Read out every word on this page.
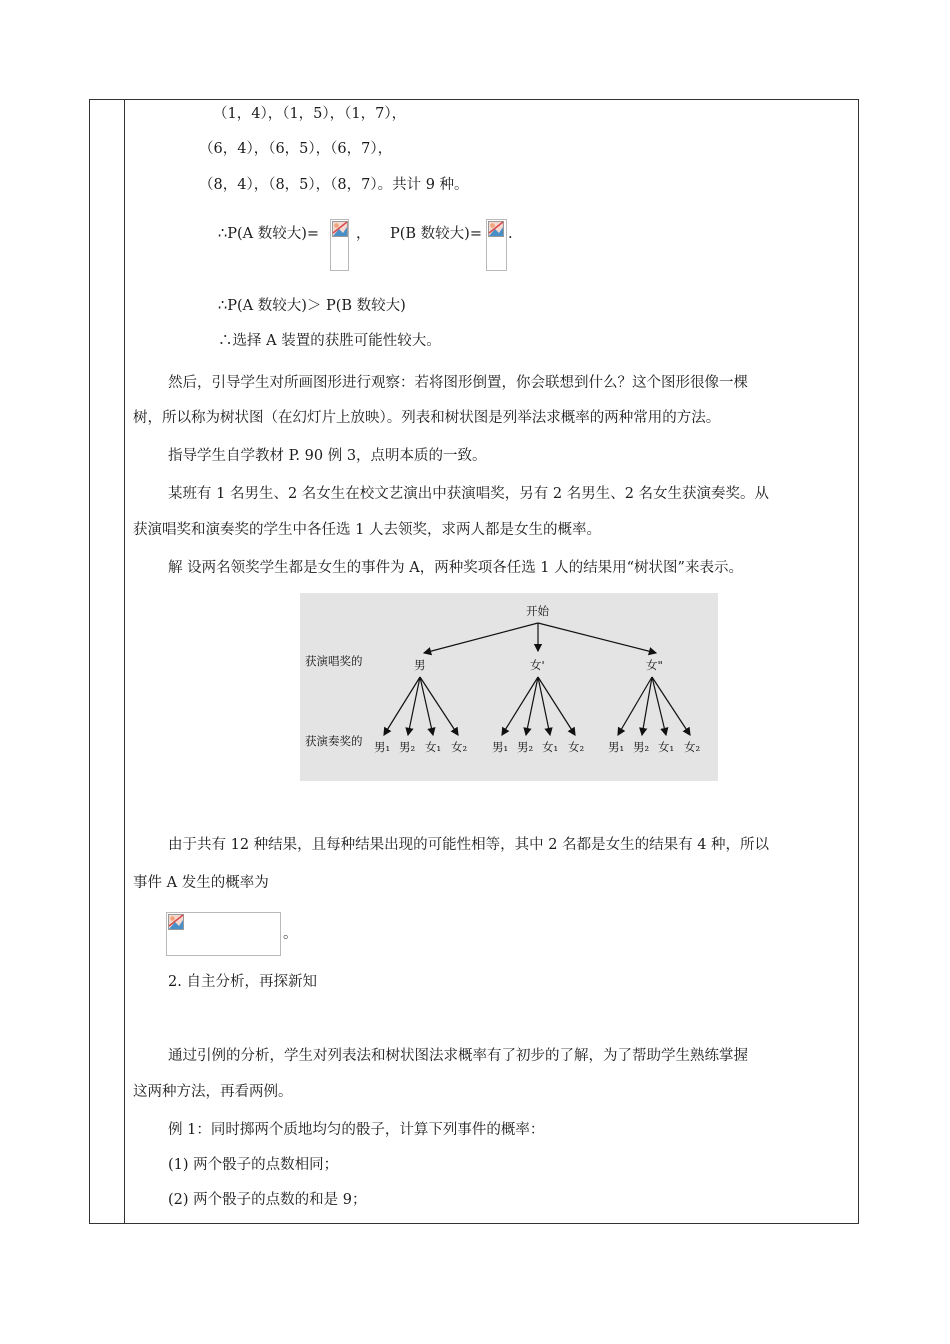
（1，4），（1，5），（1，7），
（6，4），（6，5），（6，7），
（8，4），（8，5），（8，7）。共计 9 种。
∴P(A 数较大)=	， P(B 数较大)= .
∴P(A 数较大)＞ P(B 数较大)
∴选择 A 装置的获胜可能性较大。
然后，引导学生对所画图形进行观察：若将图形倒置，你会联想到什么？这个图形很像一棵
树，所以称为树状图（在幻灯片上放映）。列表和树状图是列举法求概率的两种常用的方法。
指导学生自学教材 P. 90 例 3，点明本质的一致。
某班有 1 名男生、2 名女生在校文艺演出中获演唱奖，另有 2 名男生、2 名女生获演奏奖。从
获演唱奖和演奏奖的学生中各任选 1 人去领奖，求两人都是女生的概率。
解 设两名领奖学生都是女生的事件为 A，两种奖项各任选 1 人的结果用“树状图”来表示。
开始
获演唱奖的
获演奏奖的
男	女'	女"
男₁ 男₂ 女₁ 女₂ 男₁ 男₂ 女₁ 女₂ 男₁ 男₂ 女₁ 女₂
由于共有 12 种结果，且每种结果出现的可能性相等，其中 2 名都是女生的结果有 4 种，所以
事件 A 发生的概率为
。
2. 自主分析，再探新知
通过引例的分析，学生对列表法和树状图法求概率有了初步的了解，为了帮助学生熟练掌握
这两种方法，再看两例。
例 1：同时掷两个质地均匀的骰子，计算下列事件的概率：
(1) 两个骰子的点数相同；
(2) 两个骰子的点数的和是 9；
